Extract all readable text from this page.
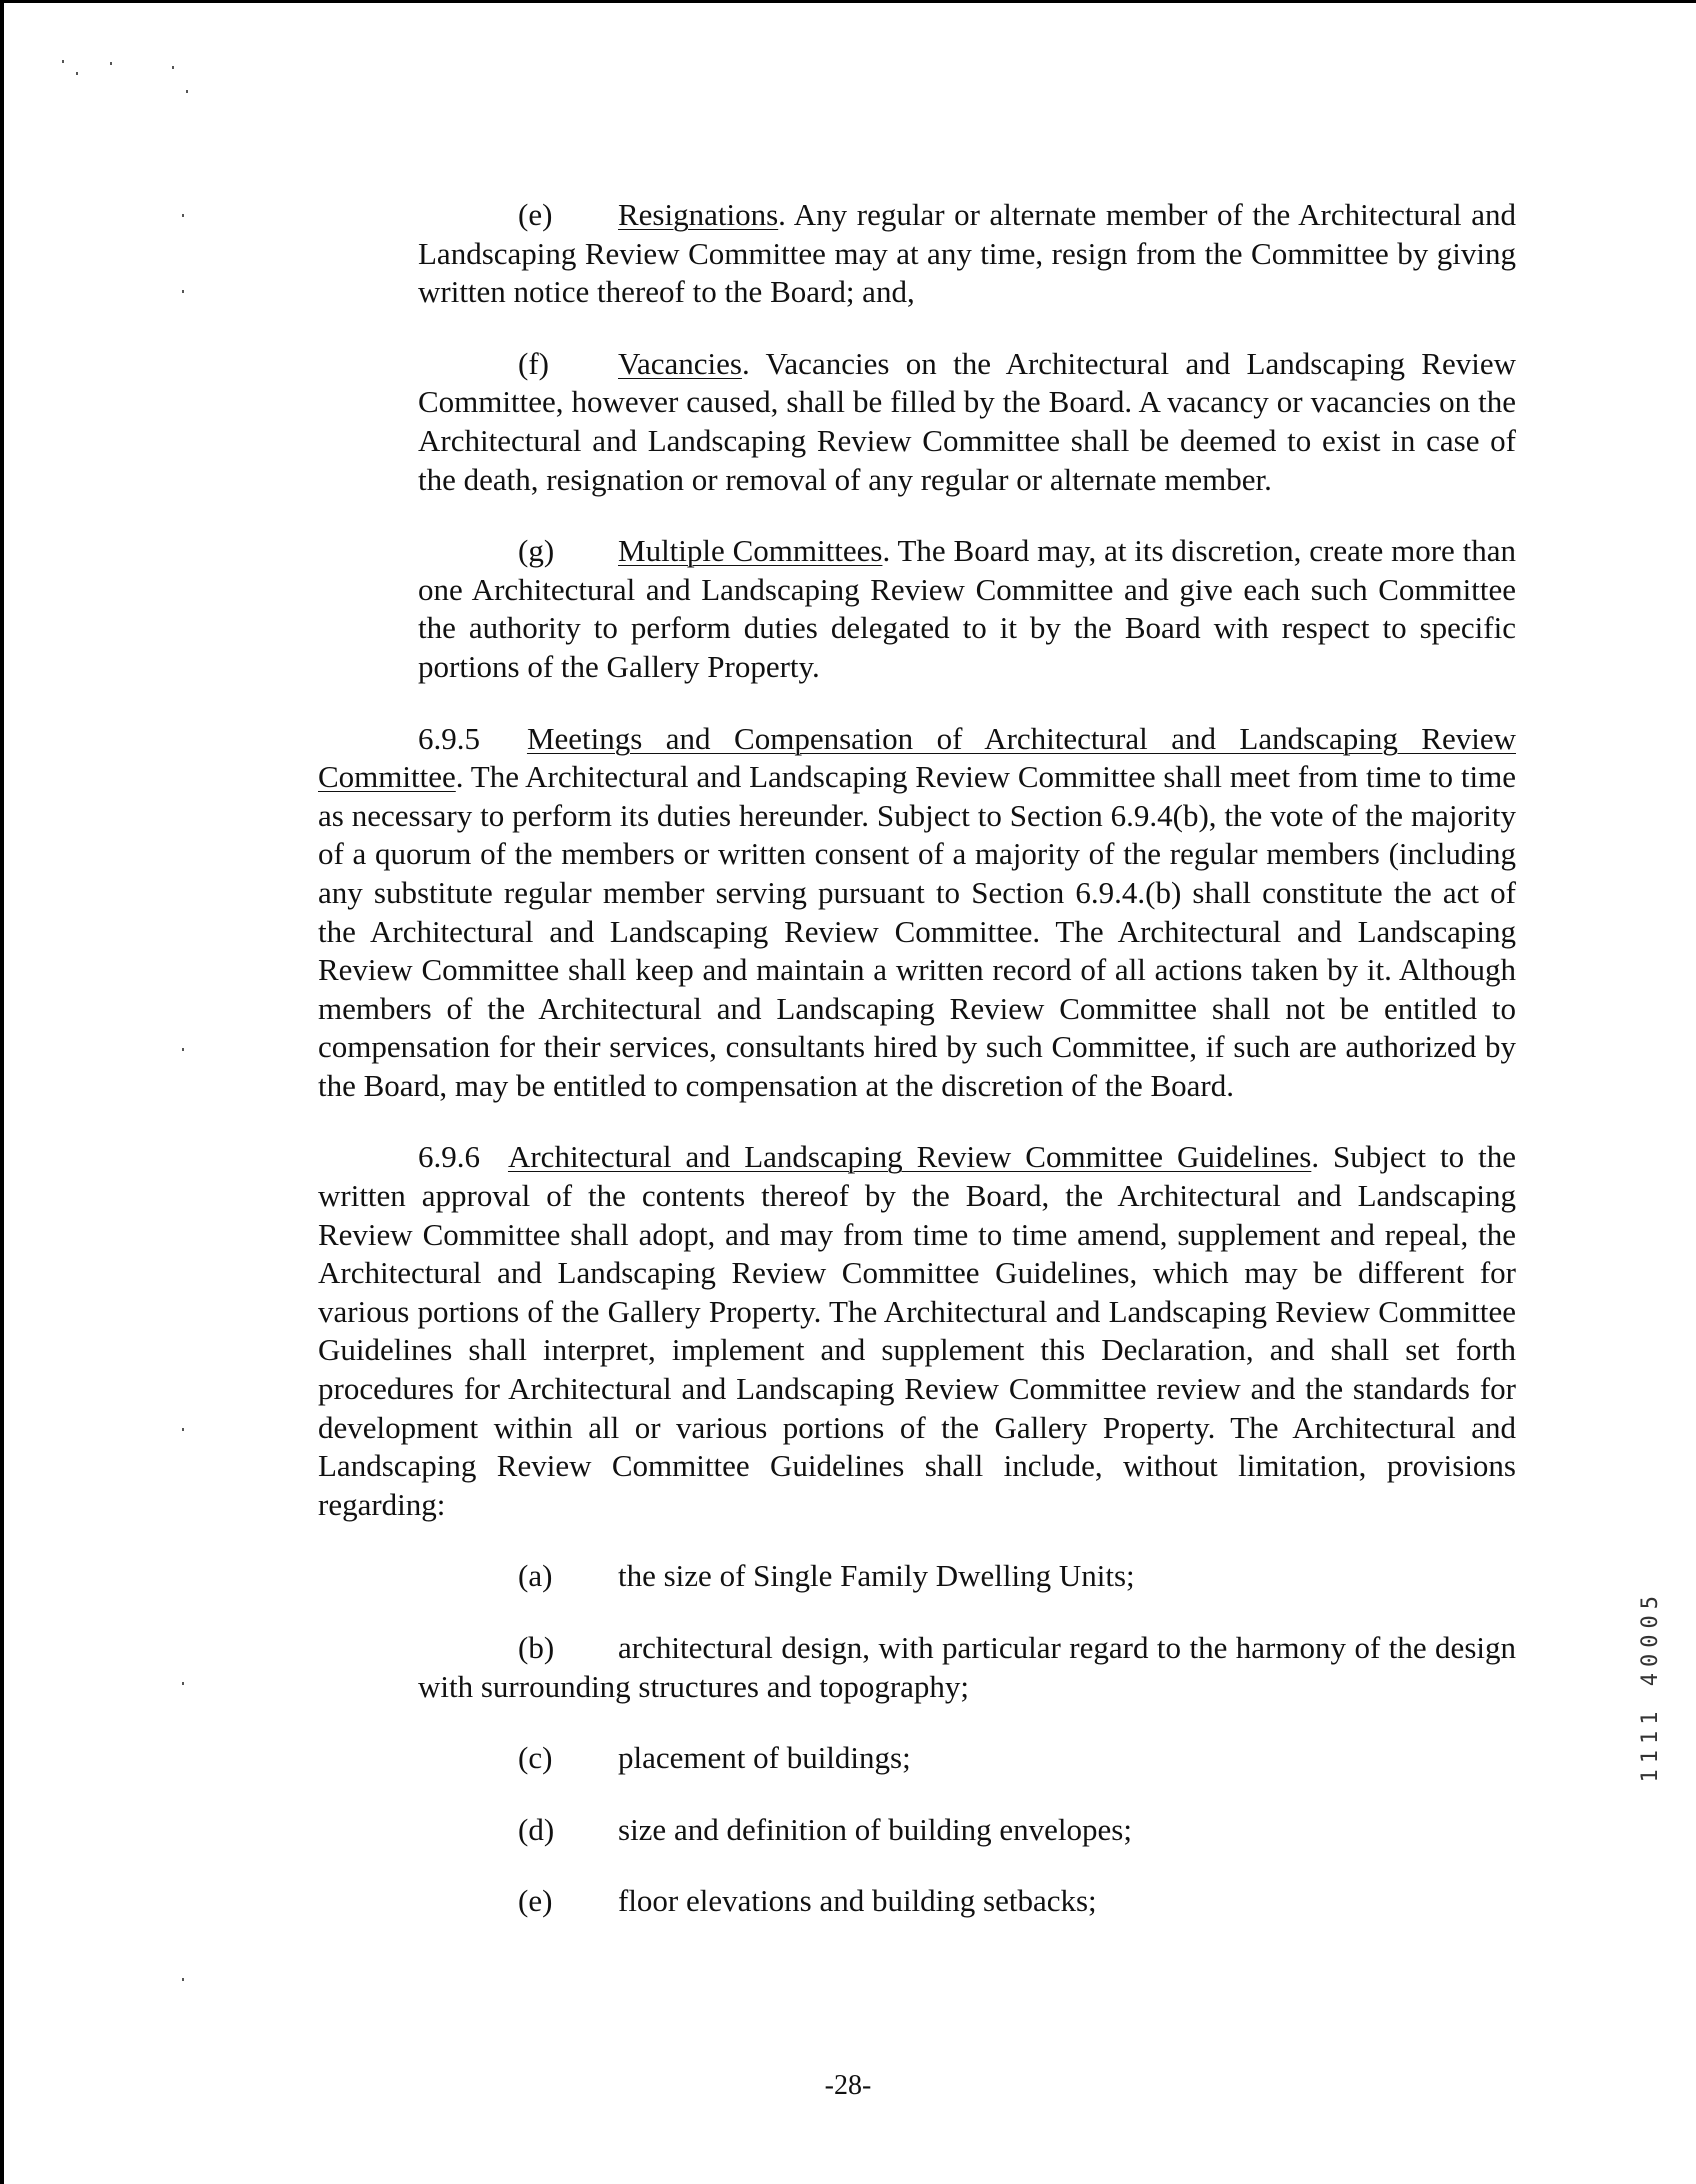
(e) Resignations. Any regular or alternate member of the Architectural and Landscaping Review Committee may at any time, resign from the Committee by giving written notice thereof to the Board; and,

(f) Vacancies. Vacancies on the Architectural and Landscaping Review Committee, however caused, shall be filled by the Board. A vacancy or vacancies on the Architectural and Landscaping Review Committee shall be deemed to exist in case of the death, resignation or removal of any regular or alternate member.

(g) Multiple Committees. The Board may, at its discretion, create more than one Architectural and Landscaping Review Committee and give each such Committee the authority to perform duties delegated to it by the Board with respect to specific portions of the Gallery Property.

6.9.5 Meetings and Compensation of Architectural and Landscaping Review Committee. The Architectural and Landscaping Review Committee shall meet from time to time as necessary to perform its duties hereunder. Subject to Section 6.9.4(b), the vote of the majority of a quorum of the members or written consent of a majority of the regular members (including any substitute regular member serving pursuant to Section 6.9.4.(b) shall constitute the act of the Architectural and Landscaping Review Committee. The Architectural and Landscaping Review Committee shall keep and maintain a written record of all actions taken by it. Although members of the Architectural and Landscaping Review Committee shall not be entitled to compensation for their services, consultants hired by such Committee, if such are authorized by the Board, may be entitled to compensation at the discretion of the Board.

6.9.6 Architectural and Landscaping Review Committee Guidelines. Subject to the written approval of the contents thereof by the Board, the Architectural and Landscaping Review Committee shall adopt, and may from time to time amend, supplement and repeal, the Architectural and Landscaping Review Committee Guidelines, which may be different for various portions of the Gallery Property. The Architectural and Landscaping Review Committee Guidelines shall interpret, implement and supplement this Declaration, and shall set forth procedures for Architectural and Landscaping Review Committee review and the standards for development within all or various portions of the Gallery Property. The Architectural and Landscaping Review Committee Guidelines shall include, without limitation, provisions regarding:

(a) the size of Single Family Dwelling Units;

(b) architectural design, with particular regard to the harmony of the design with surrounding structures and topography;

(c) placement of buildings;

(d) size and definition of building envelopes;

(e) floor elevations and building setbacks;

-28-
1111 40005
